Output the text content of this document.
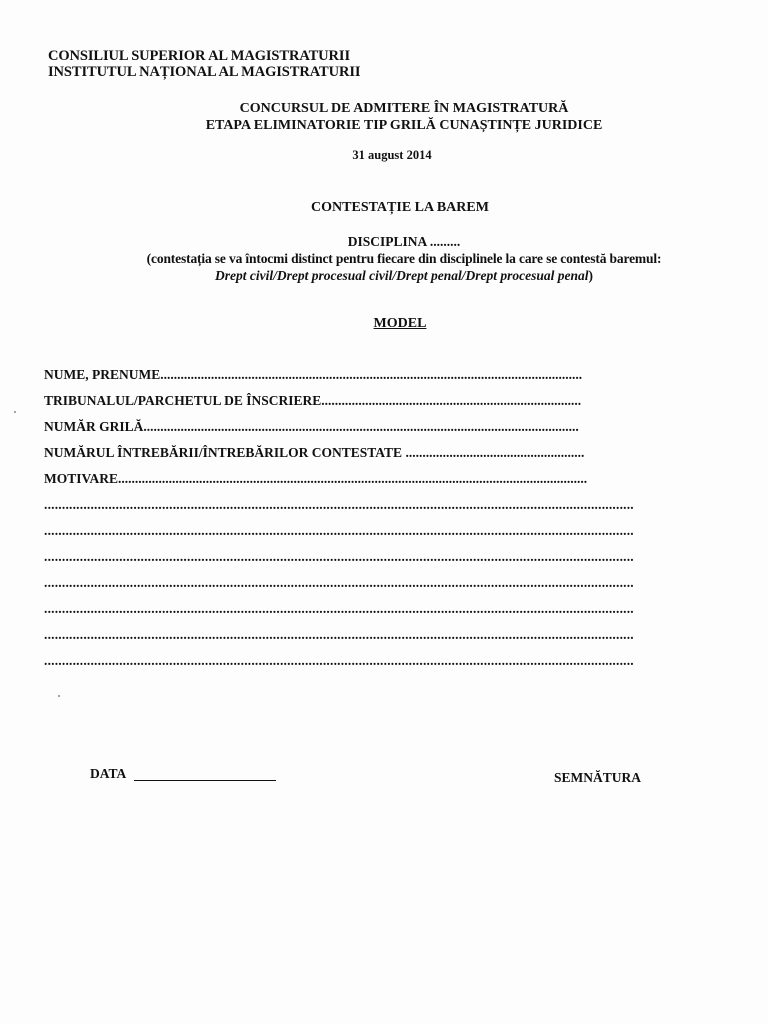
CONSILIUL SUPERIOR AL MAGISTRATURII
INSTITUTUL NAȚIONAL AL MAGISTRATURII
CONCURSUL DE ADMITERE ÎN MAGISTRATURĂ
ETAPA ELIMINATORIE TIP GRILĂ CUNAȘTINȚE JURIDICE
31 august 2014
CONTESTAȚIE LA BAREM
DISCIPLINA .........
(contestația se va întocmi distinct pentru fiecare din disciplinele la care se contestă baremul:
Drept civil/Drept procesual civil/Drept penal/Drept procesual penal)
MODEL
NUME, PRENUME.............................................................................................................................
TRIBUNALUL/PARCHETUL DE ÎNSCRIERE.............................................................................
NUMĂR GRILĂ.................................................................................................................................
NUMĂRUL ÎNTREBĂRII/ÎNTREBĂRILOR CONTESTATE .....................................................
MOTIVARE...........................................................................................................................................
.....................................................................................................................................................................
.....................................................................................................................................................................
.....................................................................................................................................................................
.....................................................................................................................................................................
.....................................................................................................................................................................
.....................................................................................................................................................................
.....................................................................................................................................................................
DATA	SEMNĂTURA
